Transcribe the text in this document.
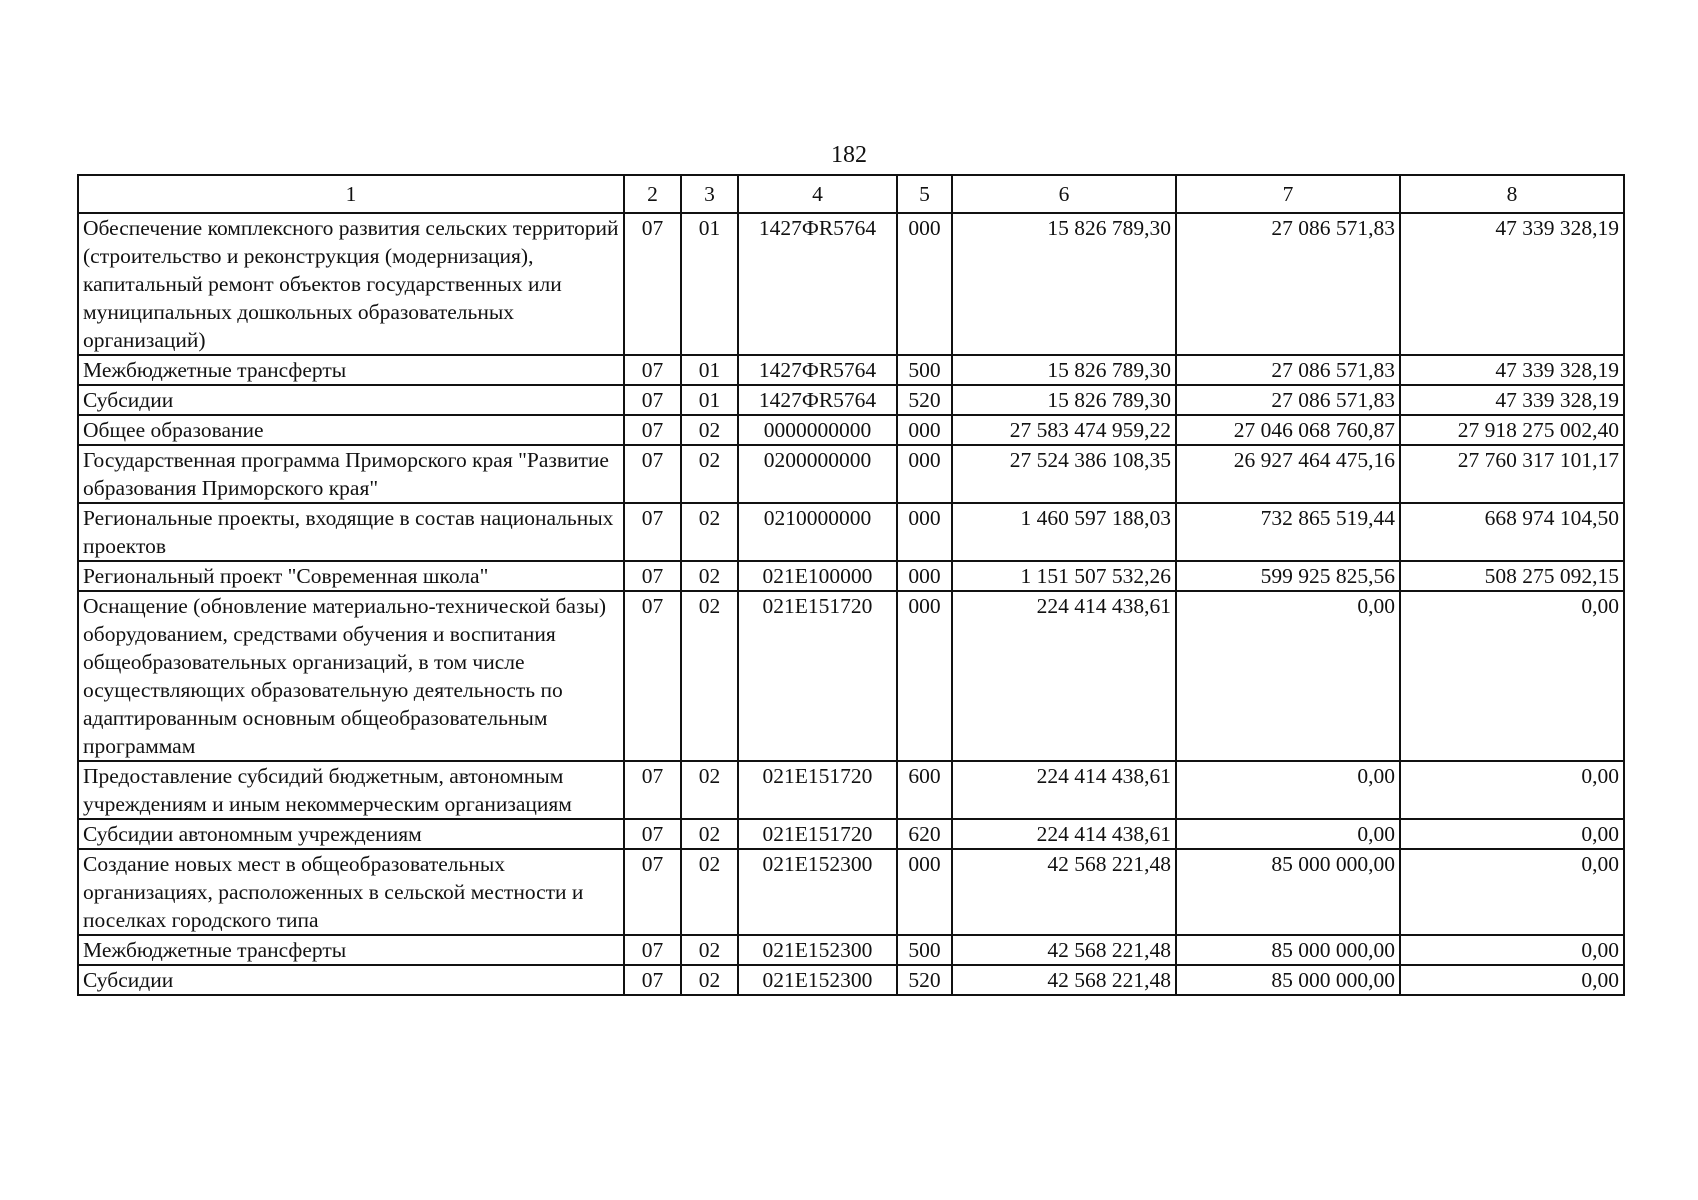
182
1	2	3	4	5	6	7	8
Обеспечение комплексного развития сельских территорий (строительство и реконструкция (модернизация), капитальный ремонт объектов государственных или муниципальных дошкольных образовательных организаций)	07	01	1427ФR5764	000	15 826 789,30	27 086 571,83	47 339 328,19
Межбюджетные трансферты	07	01	1427ФR5764	500	15 826 789,30	27 086 571,83	47 339 328,19
Субсидии	07	01	1427ФR5764	520	15 826 789,30	27 086 571,83	47 339 328,19
Общее образование	07	02	0000000000	000	27 583 474 959,22	27 046 068 760,87	27 918 275 002,40
Государственная программа Приморского края "Развитие образования Приморского края"	07	02	0200000000	000	27 524 386 108,35	26 927 464 475,16	27 760 317 101,17
Региональные проекты, входящие в состав национальных проектов	07	02	0210000000	000	1 460 597 188,03	732 865 519,44	668 974 104,50
Региональный проект "Современная школа"	07	02	021E100000	000	1 151 507 532,26	599 925 825,56	508 275 092,15
Оснащение (обновление материально-технической базы) оборудованием, средствами обучения и воспитания общеобразовательных организаций, в том числе осуществляющих образовательную деятельность по адаптированным основным общеобразовательным программам	07	02	021E151720	000	224 414 438,61	0,00	0,00
Предоставление субсидий бюджетным, автономным учреждениям и иным некоммерческим организациям	07	02	021E151720	600	224 414 438,61	0,00	0,00
Субсидии автономным учреждениям	07	02	021E151720	620	224 414 438,61	0,00	0,00
Создание новых мест в общеобразовательных организациях, расположенных в сельской местности и поселках городского типа	07	02	021E152300	000	42 568 221,48	85 000 000,00	0,00
Межбюджетные трансферты	07	02	021E152300	500	42 568 221,48	85 000 000,00	0,00
Субсидии	07	02	021E152300	520	42 568 221,48	85 000 000,00	0,00
